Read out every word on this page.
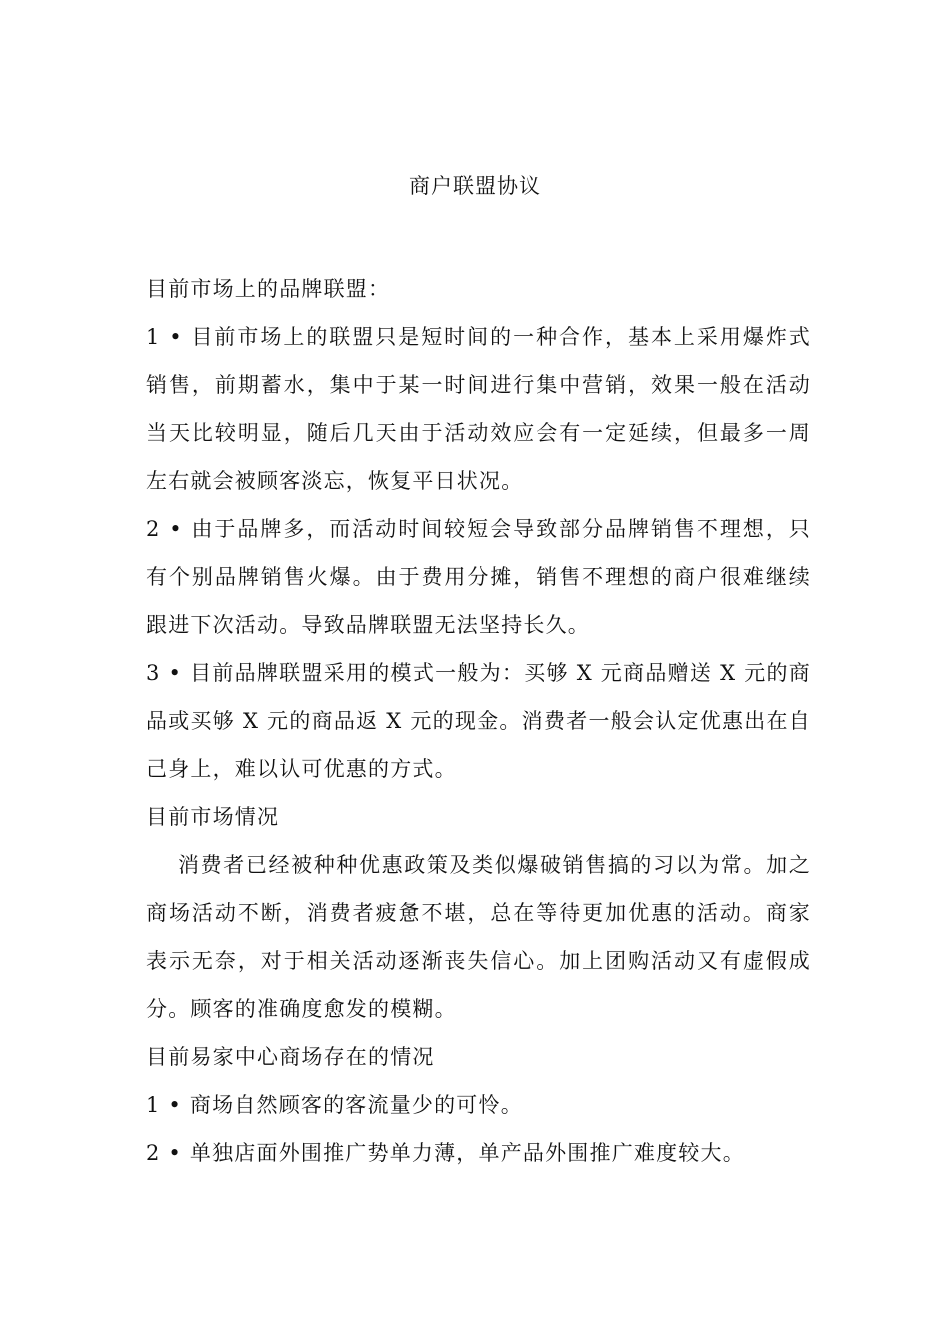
商户联盟协议

目前市场上的品牌联盟：

1 • 目前市场上的联盟只是短时间的一种合作，基本上采用爆炸式销售，前期蓄水，集中于某一时间进行集中营销，效果一般在活动当天比较明显，随后几天由于活动效应会有一定延续，但最多一周左右就会被顾客淡忘，恢复平日状况。

2 • 由于品牌多，而活动时间较短会导致部分品牌销售不理想，只有个别品牌销售火爆。由于费用分摊，销售不理想的商户很难继续跟进下次活动。导致品牌联盟无法坚持长久。

3 • 目前品牌联盟采用的模式一般为：买够 X 元商品赠送 X 元的商品或买够 X 元的商品返 X 元的现金。消费者一般会认定优惠出在自己身上，难以认可优惠的方式。

目前市场情况

消费者已经被种种优惠政策及类似爆破销售搞的习以为常。加之商场活动不断，消费者疲惫不堪，总在等待更加优惠的活动。商家表示无奈，对于相关活动逐渐丧失信心。加上团购活动又有虚假成分。顾客的准确度愈发的模糊。

目前易家中心商场存在的情况

1 • 商场自然顾客的客流量少的可怜。

2 • 单独店面外围推广势单力薄，单产品外围推广难度较大。
